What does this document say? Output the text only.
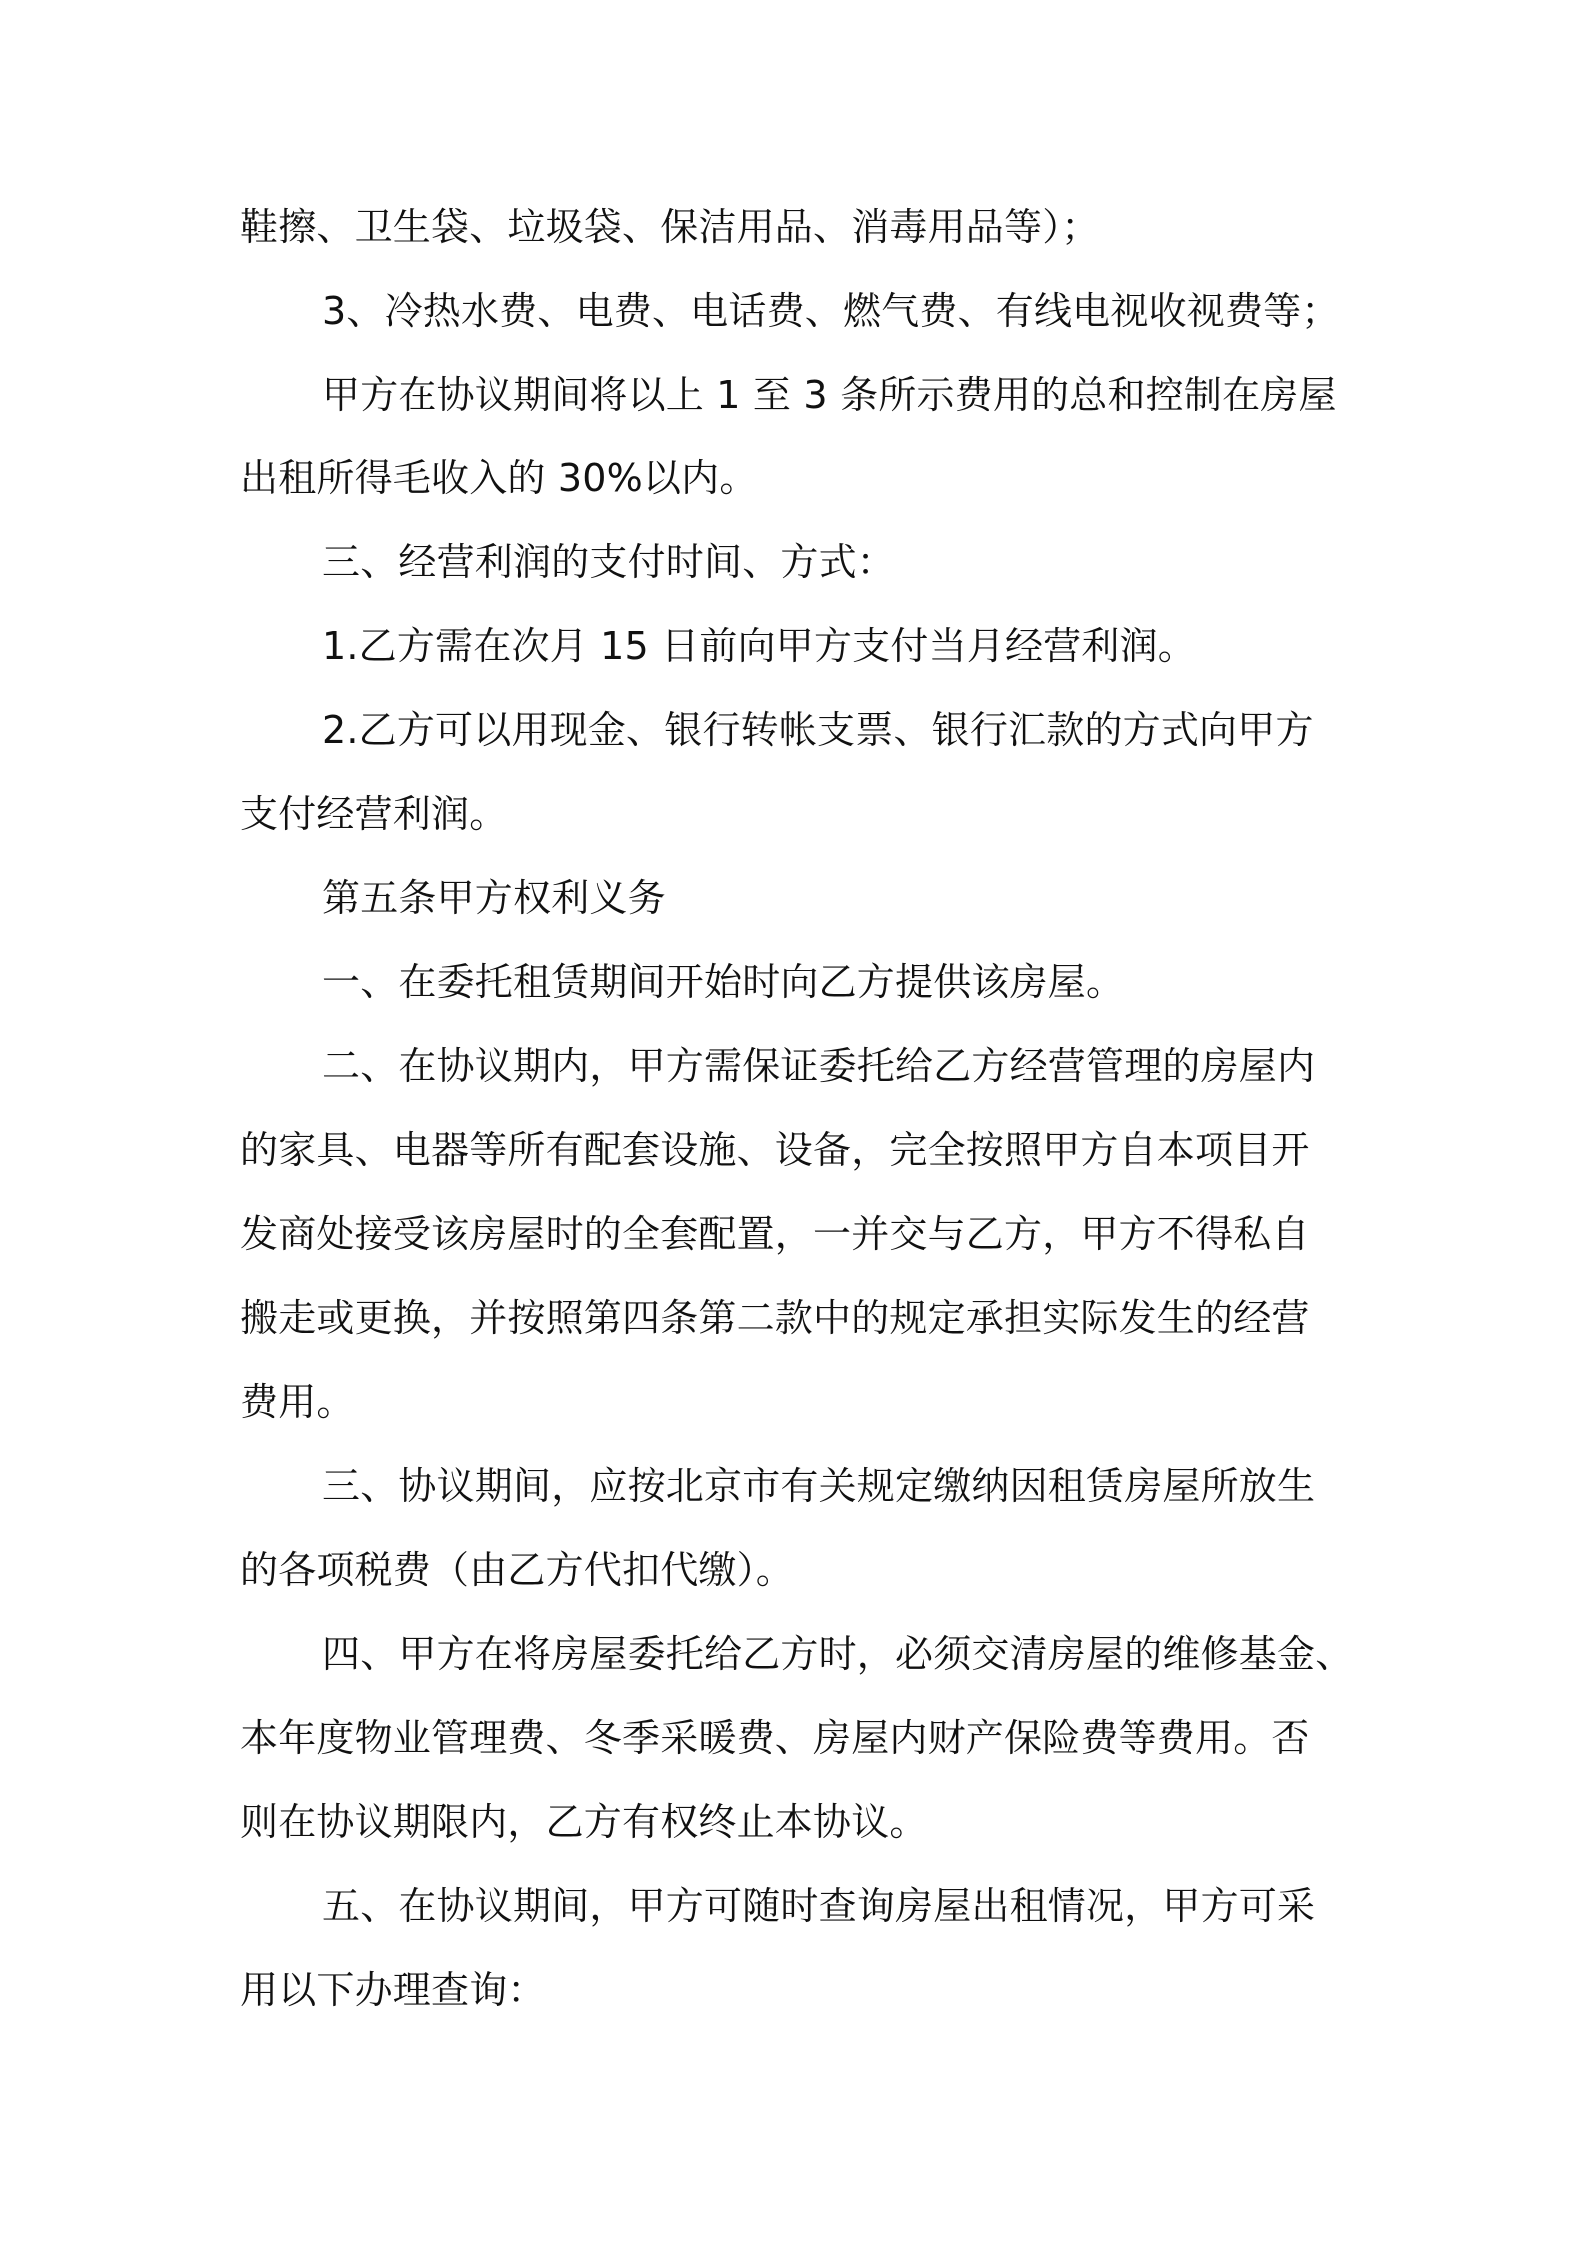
鞋擦、卫生袋、垃圾袋、保洁用品、消毒用品等）；
3、冷热水费、电费、电话费、燃气费、有线电视收视费等；
甲方在协议期间将以上 1 至 3 条所示费用的总和控制在房屋
出租所得毛收入的 30%以内。
三、经营利润的支付时间、方式：
1.乙方需在次月 15 日前向甲方支付当月经营利润。
2.乙方可以用现金、银行转帐支票、银行汇款的方式向甲方
支付经营利润。
第五条甲方权利义务
一、在委托租赁期间开始时向乙方提供该房屋。
二、在协议期内，甲方需保证委托给乙方经营管理的房屋内
的家具、电器等所有配套设施、设备，完全按照甲方自本项目开
发商处接受该房屋时的全套配置，一并交与乙方，甲方不得私自
搬走或更换，并按照第四条第二款中的规定承担实际发生的经营
费用。
三、协议期间，应按北京市有关规定缴纳因租赁房屋所放生
的各项税费（由乙方代扣代缴）。
四、甲方在将房屋委托给乙方时，必须交清房屋的维修基金、
本年度物业管理费、冬季采暖费、房屋内财产保险费等费用。否
则在协议期限内，乙方有权终止本协议。
五、在协议期间，甲方可随时查询房屋出租情况，甲方可采
用以下办理查询：
